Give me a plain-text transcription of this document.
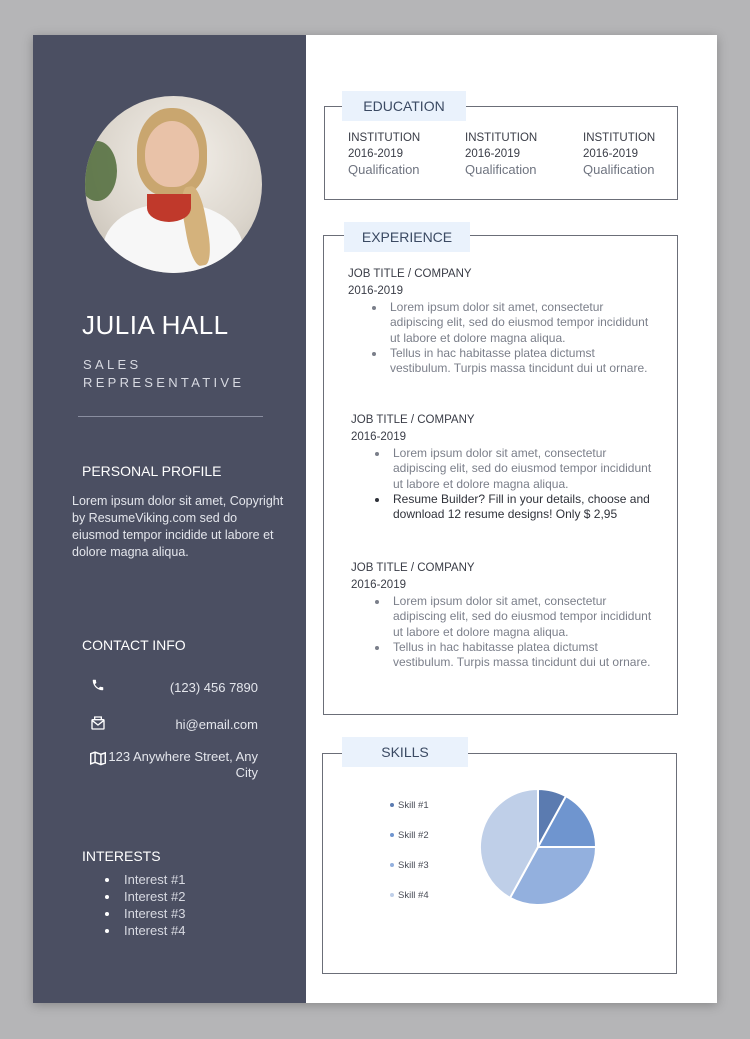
JULIA HALL
SALES
REPRESENTATIVE
PERSONAL PROFILE
Lorem ipsum dolor sit amet, Copyright by ResumeViking.com sed do eiusmod tempor incidide ut labore et dolore magna aliqua.
CONTACT INFO
(123) 456 7890
hi@email.com
123 Anywhere Street, Any City
INTERESTS
Interest #1
Interest #2
Interest #3
Interest #4
EDUCATION
INSTITUTION
2016-2019
Qualification
INSTITUTION
2016-2019
Qualification
INSTITUTION
2016-2019
Qualification
EXPERIENCE
JOB TITLE / COMPANY
2016-2019
Lorem ipsum dolor sit amet, consectetur adipiscing elit, sed do eiusmod tempor incididunt ut labore et dolore magna aliqua.
Tellus in hac habitasse platea dictumst vestibulum. Turpis massa tincidunt dui ut ornare.
JOB TITLE / COMPANY
2016-2019
Lorem ipsum dolor sit amet, consectetur adipiscing elit, sed do eiusmod tempor incididunt ut labore et dolore magna aliqua.
Resume Builder? Fill in your details, choose and download 12 resume designs! Only $ 2,95
JOB TITLE / COMPANY
2016-2019
Lorem ipsum dolor sit amet, consectetur adipiscing elit, sed do eiusmod tempor incididunt ut labore et dolore magna aliqua.
Tellus in hac habitasse platea dictumst vestibulum. Turpis massa tincidunt dui ut ornare.
SKILLS
Skill #1
Skill #2
Skill #3
Skill #4
